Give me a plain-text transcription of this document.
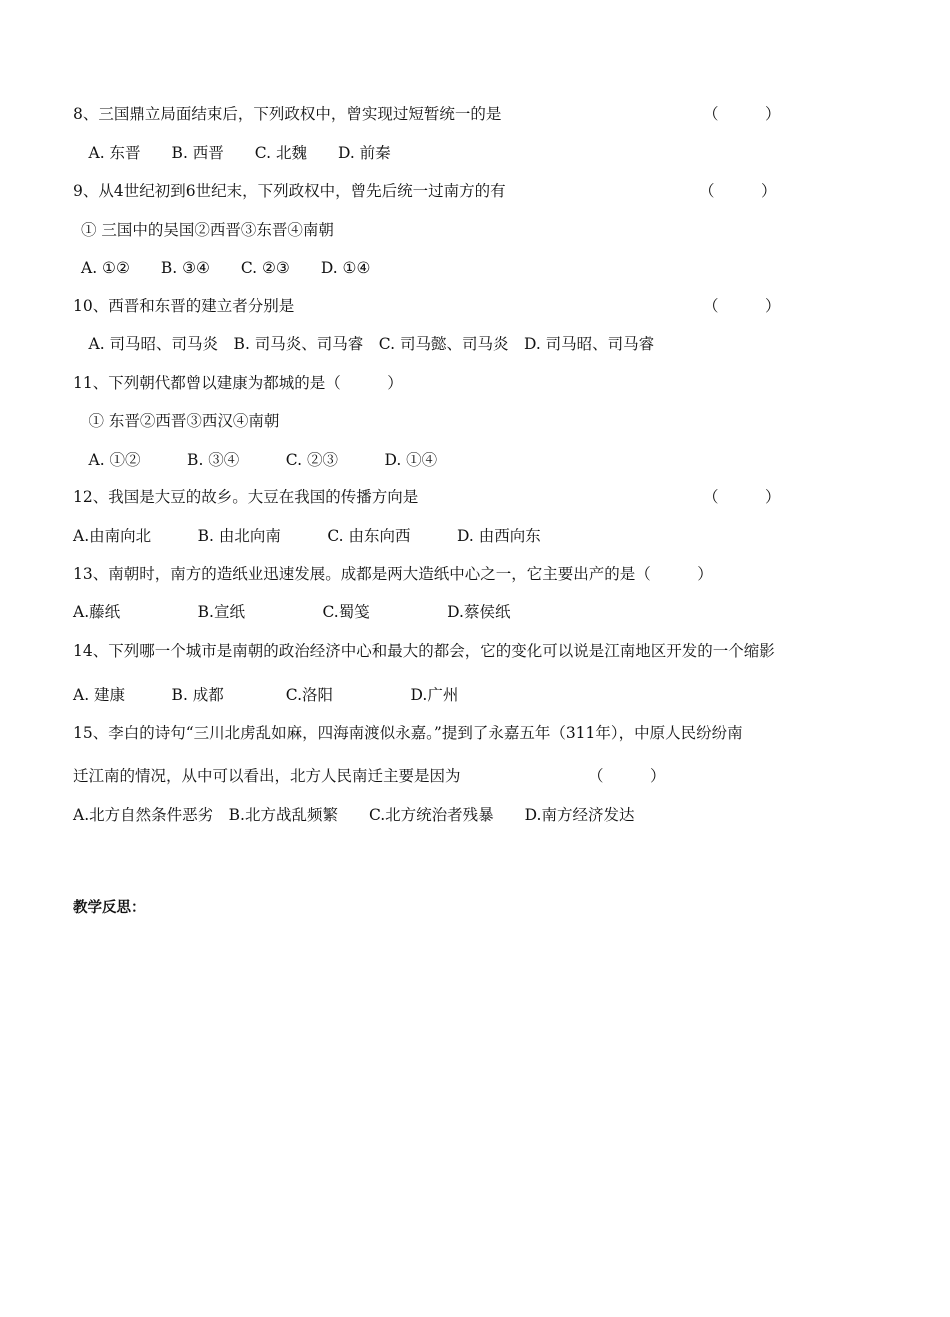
8、三国鼎立局面结束后，下列政权中，曾实现过短暂统一的是	（　　　）
　A. 东晋　　B. 西晋　　C. 北魏　　D. 前秦
9、从4世纪初到6世纪末，下列政权中，曾先后统一过南方的有	（　　　）
① 三国中的吴国②西晋③东晋④南朝
A. ①②　　B. ③④　　C. ②③　　D. ①④
10、西晋和东晋的建立者分别是	（　　　）
　A. 司马昭、司马炎　B. 司马炎、司马睿　C. 司马懿、司马炎　D. 司马昭、司马睿
11、下列朝代都曾以建康为都城的是（　　　）
　① 东晋②西晋③西汉④南朝
　A. ①②　　　B. ③④　　　C. ②③　　　D. ①④
12、我国是大豆的故乡。大豆在我国的传播方向是	（　　　）
A.由南向北　　　B. 由北向南　　　C. 由东向西　　　D. 由西向东
13、南朝时，南方的造纸业迅速发展。成都是两大造纸中心之一，它主要出产的是（　　　）
A.藤纸　　　　　B.宣纸　　　　　C.蜀笺　　　　　D.蔡侯纸
14、下列哪一个城市是南朝的政治经济中心和最大的都会，它的变化可以说是江南地区开发的一个缩影
A. 建康　　　B. 成都　　　　C.洛阳　　　　　D.广州
15、李白的诗句“三川北虏乱如麻，四海南渡似永嘉。”提到了永嘉五年（311年），中原人民纷纷南
迁江南的情况，从中可以看出，北方人民南迁主要是因为	（　　　）
A.北方自然条件恶劣　B.北方战乱频繁　　C.北方统治者残暴　　D.南方经济发达
教学反思：
